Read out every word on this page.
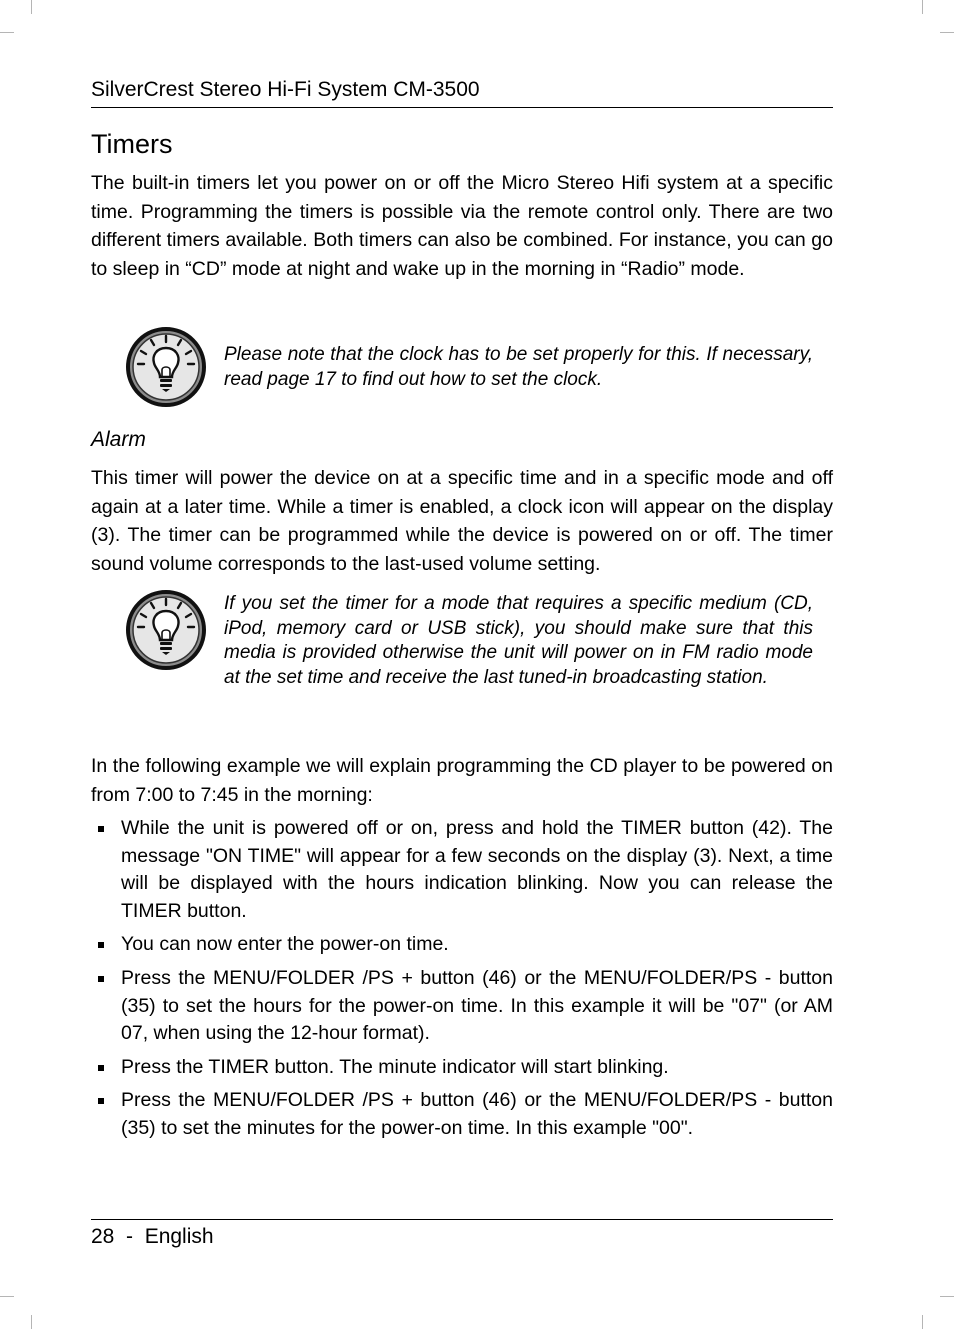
SilverCrest Stereo Hi-Fi System CM-3500
Timers

The built-in timers let you power on or off the Micro Stereo Hifi system at a specific time. Programming the timers is possible via the remote control only. There are two different timers available. Both timers can also be combined. For instance, you can go to sleep in “CD” mode at night and wake up in the morning in “Radio” mode.

Please note that the clock has to be set properly for this. If necessary, read page 17 to find out how to set the clock.

Alarm

This timer will power the device on at a specific time and in a specific mode and off again at a later time. While a timer is enabled, a clock icon will appear on the display (3). The timer can be programmed while the device is powered on or off. The timer sound volume corresponds to the last-used volume setting.

If you set the timer for a mode that requires a specific medium (CD, iPod, memory card or USB stick), you should make sure that this media is provided otherwise the unit will power on in FM radio mode at the set time and receive the last tuned-in broadcasting station.

In the following example we will explain programming the CD player to be powered on from 7:00 to 7:45 in the morning:

While the unit is powered off or on, press and hold the TIMER button (42). The message "ON TIME" will appear for a few seconds on the display (3). Next, a time will be displayed with the hours indication blinking. Now you can release the TIMER button.
You can now enter the power-on time.
Press the MENU/FOLDER /PS + button (46) or the MENU/FOLDER/PS - button (35) to set the hours for the power-on time. In this example it will be "07" (or AM 07, when using the 12-hour format).
Press the TIMER button. The minute indicator will start blinking.
Press the MENU/FOLDER /PS + button (46) or the MENU/FOLDER/PS - button (35) to set the minutes for the power-on time. In this example "00".
28  -  English
